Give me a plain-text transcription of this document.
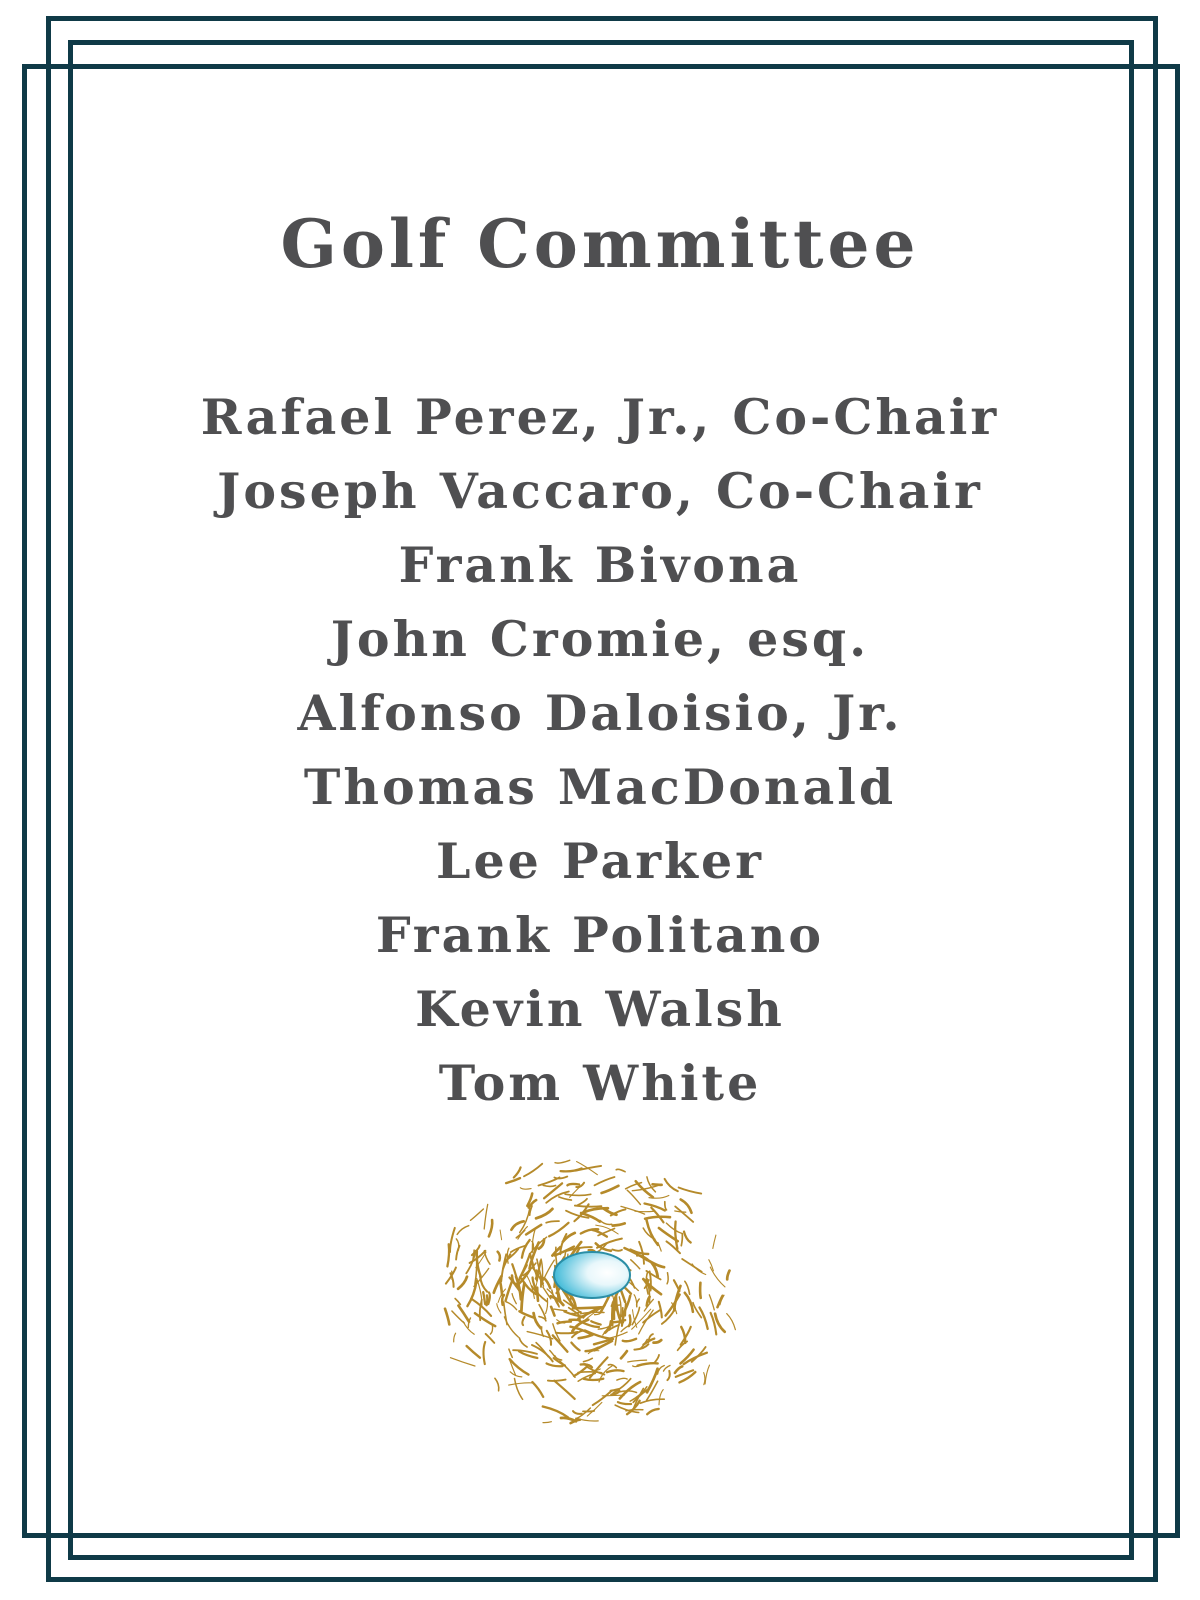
Golf Committee
Rafael Perez, Jr., Co-Chair
Joseph Vaccaro, Co-Chair
Frank Bivona
John Cromie, esq.
Alfonso Daloisio, Jr.
Thomas MacDonald
Lee Parker
Frank Politano
Kevin Walsh
Tom White
